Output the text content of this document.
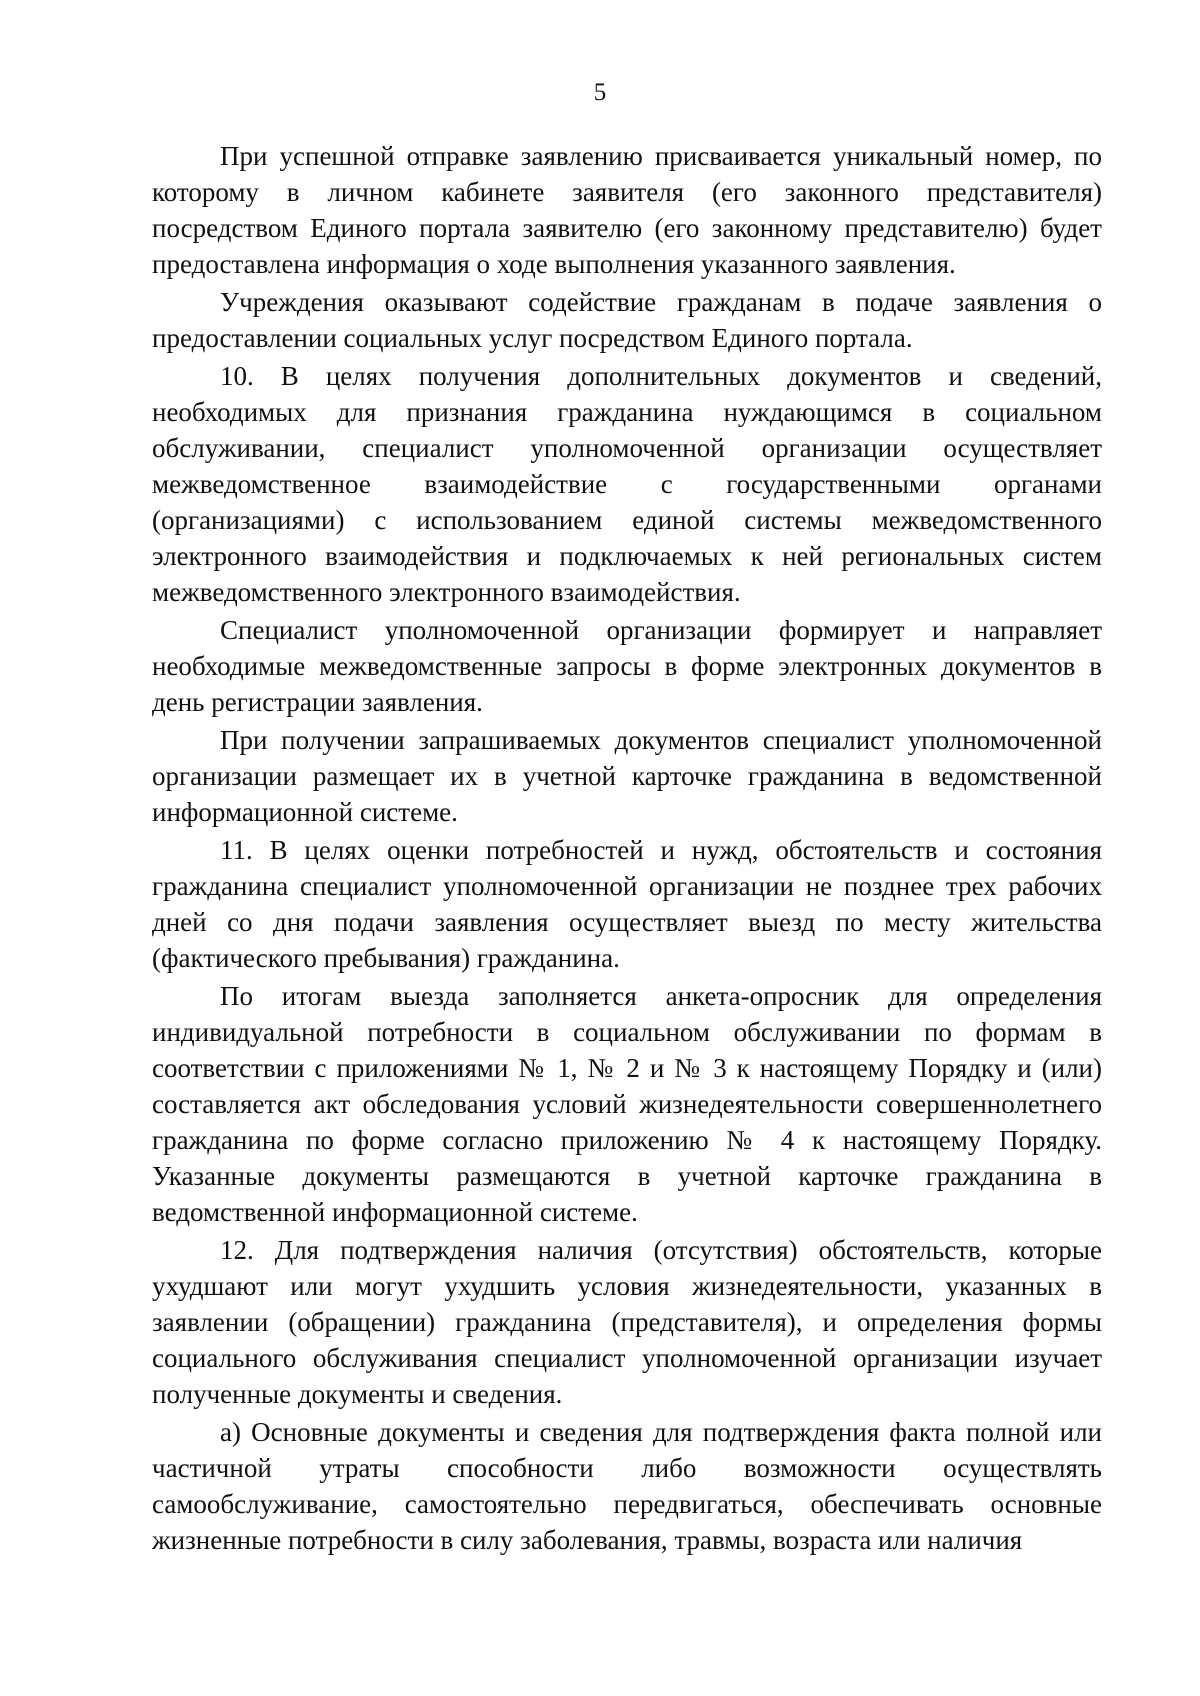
5

При успешной отправке заявлению присваивается уникальный номер, по которому в личном кабинете заявителя (его законного представителя) посредством Единого портала заявителю (его законному представителю) будет предоставлена информация о ходе выполнения указанного заявления.

Учреждения оказывают содействие гражданам в подаче заявления о предоставлении социальных услуг посредством Единого портала.

10. В целях получения дополнительных документов и сведений, необходимых для признания гражданина нуждающимся в социальном обслуживании, специалист уполномоченной организации осуществляет межведомственное взаимодействие с государственными органами (организациями) с использованием единой системы межведомственного электронного взаимодействия и подключаемых к ней региональных систем межведомственного электронного взаимодействия.

Специалист уполномоченной организации формирует и направляет необходимые межведомственные запросы в форме электронных документов в день регистрации заявления.

При получении запрашиваемых документов специалист уполномоченной организации размещает их в учетной карточке гражданина в ведомственной информационной системе.

11. В целях оценки потребностей и нужд, обстоятельств и состояния гражданина специалист уполномоченной организации не позднее трех рабочих дней со дня подачи заявления осуществляет выезд по месту жительства (фактического пребывания) гражданина.

По итогам выезда заполняется анкета-опросник для определения индивидуальной потребности в социальном обслуживании по формам в соответствии с приложениями № 1, № 2 и № 3 к настоящему Порядку и (или) составляется акт обследования условий жизнедеятельности совершеннолетнего гражданина по форме согласно приложению № 4 к настоящему Порядку. Указанные документы размещаются в учетной карточке гражданина в ведомственной информационной системе.

12. Для подтверждения наличия (отсутствия) обстоятельств, которые ухудшают или могут ухудшить условия жизнедеятельности, указанных в заявлении (обращении) гражданина (представителя), и определения формы социального обслуживания специалист уполномоченной организации изучает полученные документы и сведения.

а) Основные документы и сведения для подтверждения факта полной или частичной утраты способности либо возможности осуществлять самообслуживание, самостоятельно передвигаться, обеспечивать основные жизненные потребности в силу заболевания, травмы, возраста или наличия
